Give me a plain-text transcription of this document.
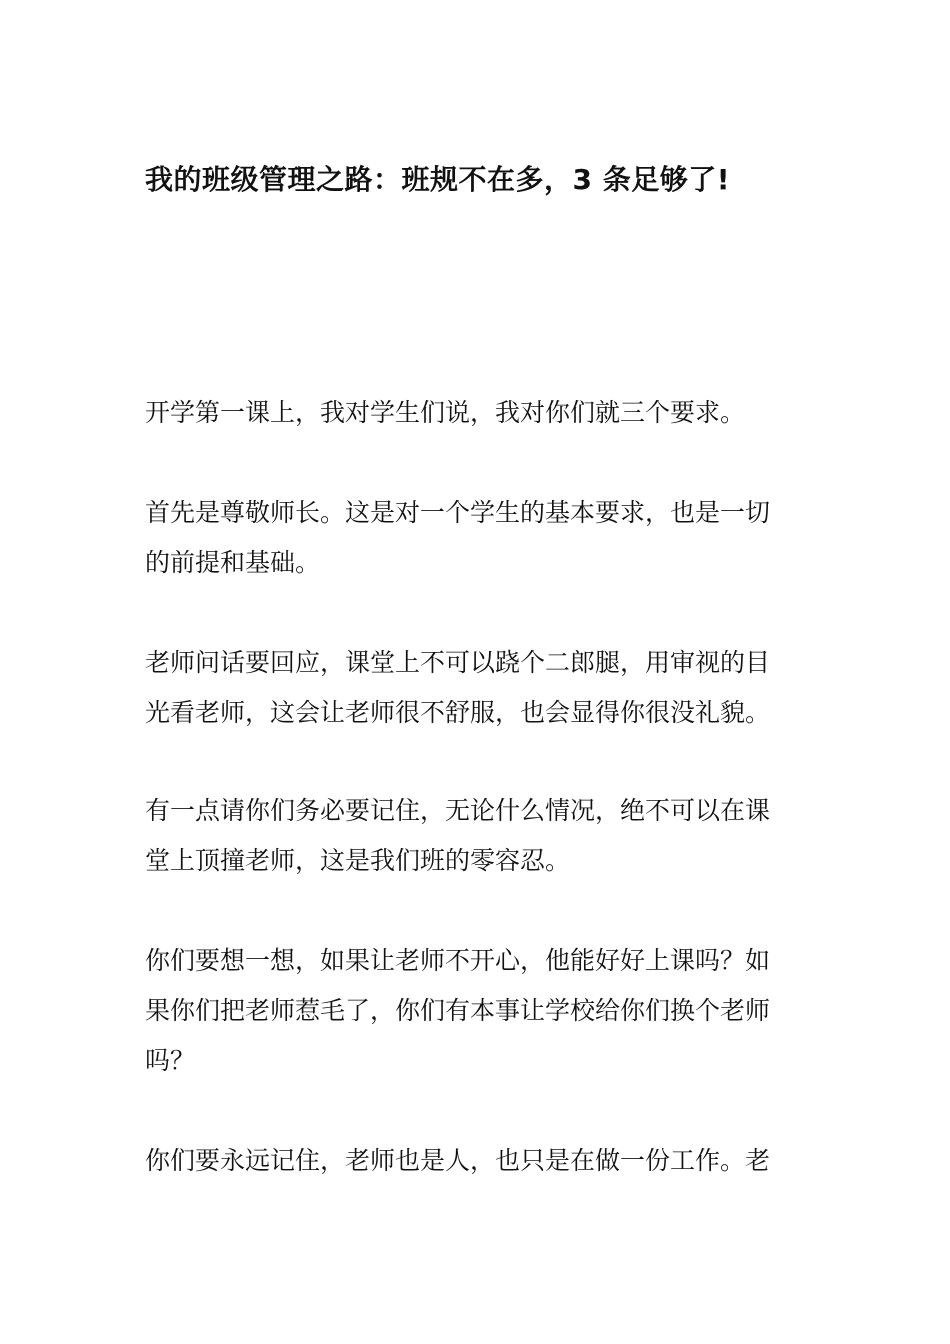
我的班级管理之路：班规不在多，3 条足够了!

开学第一课上，我对学生们说，我对你们就三个要求。

首先是尊敬师长。这是对一个学生的基本要求，也是一切
的前提和基础。

老师问话要回应，课堂上不可以跷个二郎腿，用审视的目
光看老师，这会让老师很不舒服，也会显得你很没礼貌。

有一点请你们务必要记住，无论什么情况，绝不可以在课
堂上顶撞老师，这是我们班的零容忍。

你们要想一想，如果让老师不开心，他能好好上课吗？如
果你们把老师惹毛了，你们有本事让学校给你们换个老师
吗？

你们要永远记住，老师也是人，也只是在做一份工作。老
